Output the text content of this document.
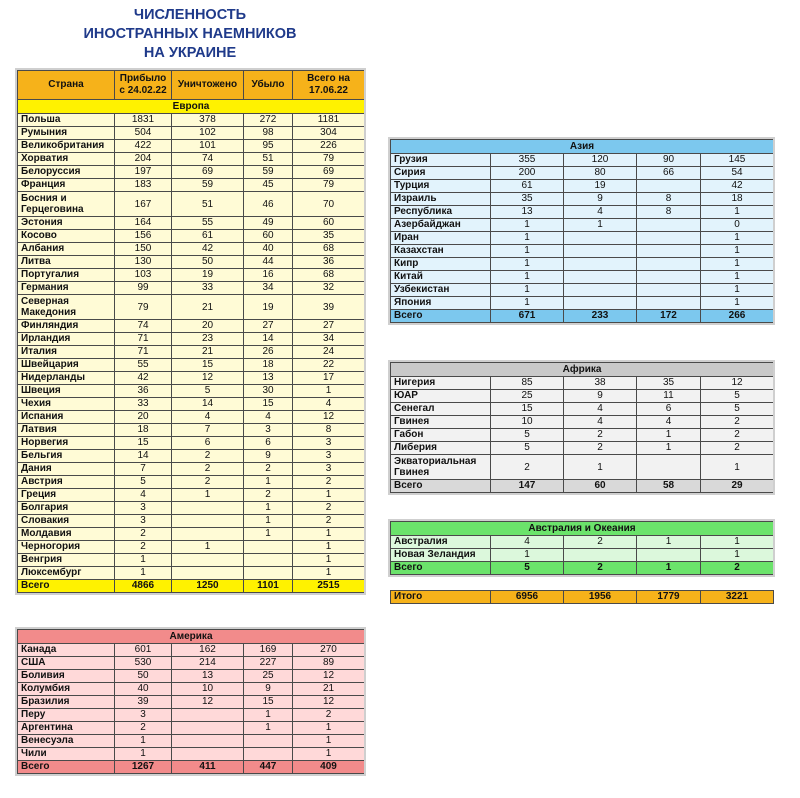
ЧИСЛЕННОСТЬ
ИНОСТРАННЫХ НАЕМНИКОВ
НА УКРАИНЕ
Страна	Прибыло с 24.02.22	Уничтожено	Убыло	Всего на 17.06.22
Европа				
Польша	1831	378	272	1181
Румыния	504	102	98	304
Великобритания	422	101	95	226
Хорватия	204	74	51	79
Белоруссия	197	69	59	69
Франция	183	59	45	79
Босния и Герцеговина	167	51	46	70
Эстония	164	55	49	60
Косово	156	61	60	35
Албания	150	42	40	68
Литва	130	50	44	36
Португалия	103	19	16	68
Германия	99	33	34	32
Северная Македония	79	21	19	39
Финляндия	74	20	27	27
Ирландия	71	23	14	34
Италия	71	21	26	24
Швейцария	55	15	18	22
Нидерланды	42	12	13	17
Швеция	36	5	30	1
Чехия	33	14	15	4
Испания	20	4	4	12
Латвия	18	7	3	8
Норвегия	15	6	6	3
Бельгия	14	2	9	3
Дания	7	2	2	3
Австрия	5	2	1	2
Греция	4	1	2	1
Болгария	3		1	2
Словакия	3		1	2
Молдавия	2		1	1
Черногория	2	1		1
Венгрия	1			1
Люксембург	1			1
Всего	4866	1250	1101	2515
Америка				
Канада	601	162	169	270
США	530	214	227	89
Боливия	50	13	25	12
Колумбия	40	10	9	21
Бразилия	39	12	15	12
Перу	3		1	2
Аргентина	2		1	1
Венесуэла	1			1
Чили	1			1
Всего	1267	411	447	409
Азия				
Грузия	355	120	90	145
Сирия	200	80	66	54
Турция	61	19		42
Израиль	35	9	8	18
Республика	13	4	8	1
Азербайджан	1	1		0
Иран	1			1
Казахстан	1			1
Кипр	1			1
Китай	1			1
Узбекистан	1			1
Япония	1			1
Всего	671	233	172	266
Африка				
Нигерия	85	38	35	12
ЮАР	25	9	11	5
Сенегал	15	4	6	5
Гвинея	10	4	4	2
Габон	5	2	1	2
Либерия	5	2	1	2
Экваториальная Гвинея	2	1		1
Всего	147	60	58	29
Австралия и Океания				
Австралия	4	2	1	1
Новая Зеландия	1			1
Всего	5	2	1	2
Итого	6956	1956	1779	3221
